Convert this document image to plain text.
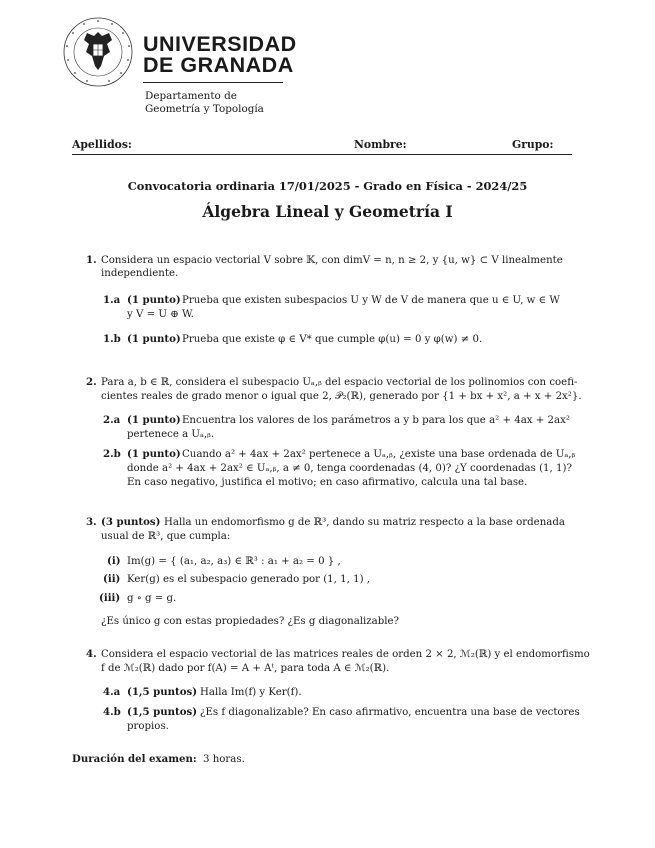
UNIVERSIDAD
DE GRANADA
Departamento de
Geometría y Topología
Apellidos:	Nombre:	Grupo:
Convocatoria ordinaria 17/01/2025 - Grado en Física - 2024/25
Álgebra Lineal y Geometría I
1. Considera un espacio vectorial V sobre 𝕂, con dimV = n, n ≥ 2, y {u, w} ⊂ V linealmente
independiente.
1.a (1 punto) Prueba que existen subespacios U y W de V de manera que u ∈ U, w ∈ W
y V = U ⊕ W.
1.b (1 punto) Prueba que existe φ ∈ V* que cumple φ(u) = 0 y φ(w) ≠ 0.
2. Para a, b ∈ ℝ, considera el subespacio Uₐ,ᵦ del espacio vectorial de los polinomios con coefi-
cientes reales de grado menor o igual que 2, 𝒫₂(ℝ), generado por {1 + bx + x², a + x + 2x²}.
2.a (1 punto) Encuentra los valores de los parámetros a y b para los que a² + 4ax + 2ax²
pertenece a Uₐ,ᵦ.
2.b (1 punto) Cuando a² + 4ax + 2ax² pertenece a Uₐ,ᵦ, ¿existe una base ordenada de Uₐ,ᵦ
donde a² + 4ax + 2ax² ∈ Uₐ,ᵦ, a ≠ 0, tenga coordenadas (4, 0)? ¿Y coordenadas (1, 1)?
En caso negativo, justifica el motivo; en caso afirmativo, calcula una tal base.
3. (3 puntos) Halla un endomorfismo g de ℝ³, dando su matriz respecto a la base ordenada
usual de ℝ³, que cumpla:
(i) Im(g) = { (a₁, a₂, a₃) ∈ ℝ³ : a₁ + a₂ = 0 } ,
(ii) Ker(g) es el subespacio generado por (1, 1, 1) ,
(iii) g ∘ g = g.
¿Es único g con estas propiedades? ¿Es g diagonalizable?
4. Considera el espacio vectorial de las matrices reales de orden 2 × 2, ℳ₂(ℝ) y el endomorfismo
f de ℳ₂(ℝ) dado por f(A) = A + Aᵗ, para toda A ∈ ℳ₂(ℝ).
4.a (1,5 puntos) Halla Im(f) y Ker(f).
4.b (1,5 puntos) ¿Es f diagonalizable? En caso afirmativo, encuentra una base de vectores
propios.
Duración del examen: 3 horas.
